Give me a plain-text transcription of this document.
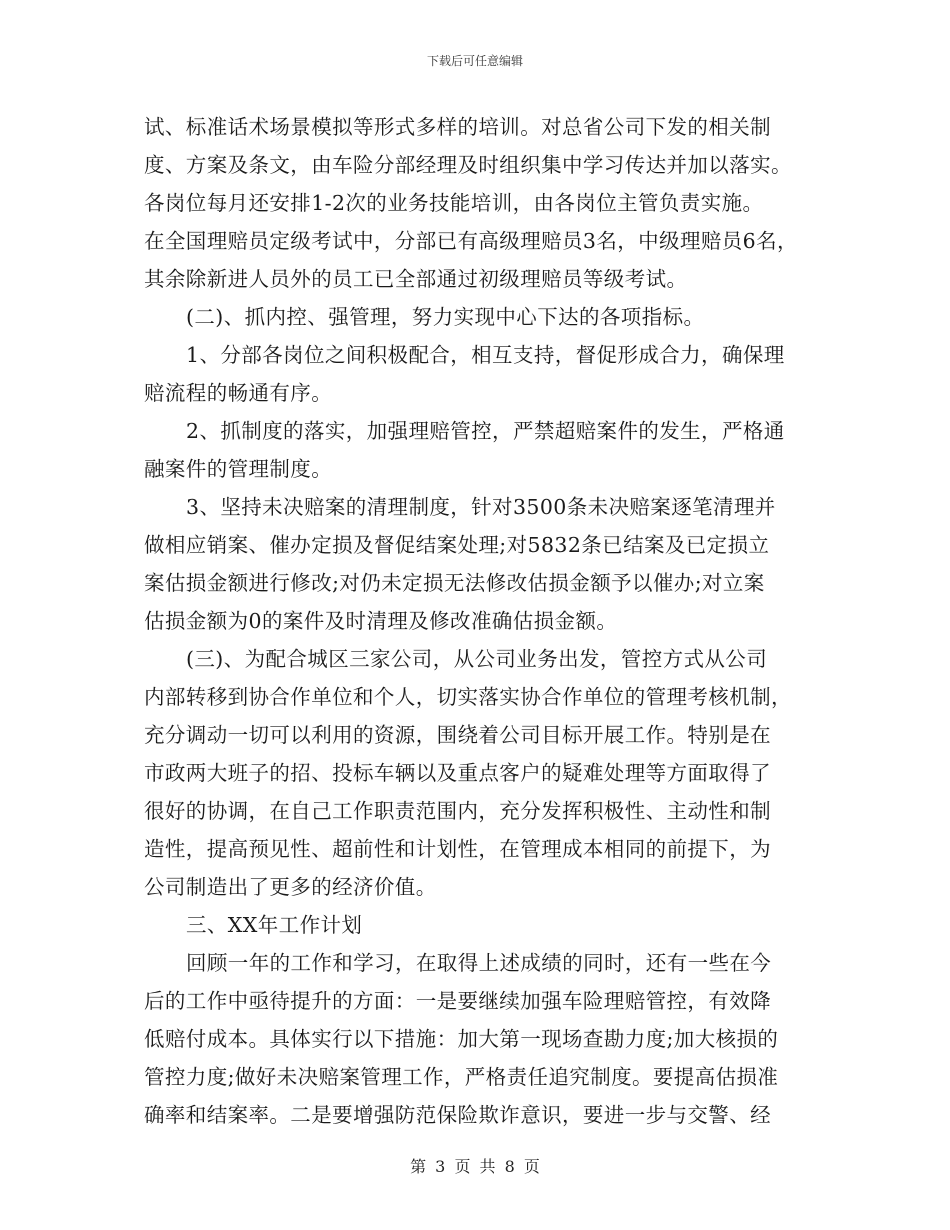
下载后可任意编辑
试、标准话术场景模拟等形式多样的培训。对总省公司下发的相关制
度、方案及条文，由车险分部经理及时组织集中学习传达并加以落实。
各岗位每月还安排1-2次的业务技能培训，由各岗位主管负责实施。
在全国理赔员定级考试中，分部已有高级理赔员3名，中级理赔员6名，
其余除新进人员外的员工已全部通过初级理赔员等级考试。
(二)、抓内控、强管理，努力实现中心下达的各项指标。
1、分部各岗位之间积极配合，相互支持，督促形成合力，确保理
赔流程的畅通有序。
2、抓制度的落实，加强理赔管控，严禁超赔案件的发生，严格通
融案件的管理制度。
3、坚持未决赔案的清理制度，针对3500条未决赔案逐笔清理并
做相应销案、催办定损及督促结案处理;对5832条已结案及已定损立
案估损金额进行修改;对仍未定损无法修改估损金额予以催办;对立案
估损金额为0的案件及时清理及修改准确估损金额。
(三)、为配合城区三家公司，从公司业务出发，管控方式从公司
内部转移到协合作单位和个人，切实落实协合作单位的管理考核机制，
充分调动一切可以利用的资源，围绕着公司目标开展工作。特别是在
市政两大班子的招、投标车辆以及重点客户的疑难处理等方面取得了
很好的协调，在自己工作职责范围内，充分发挥积极性、主动性和制
造性，提高预见性、超前性和计划性，在管理成本相同的前提下，为
公司制造出了更多的经济价值。
三、XX年工作计划
回顾一年的工作和学习，在取得上述成绩的同时，还有一些在今
后的工作中亟待提升的方面：一是要继续加强车险理赔管控，有效降
低赔付成本。具体实行以下措施：加大第一现场查勘力度;加大核损的
管控力度;做好未决赔案管理工作，严格责任追究制度。要提高估损准
确率和结案率。二是要增强防范保险欺诈意识，要进一步与交警、经
第 3 页 共 8 页
